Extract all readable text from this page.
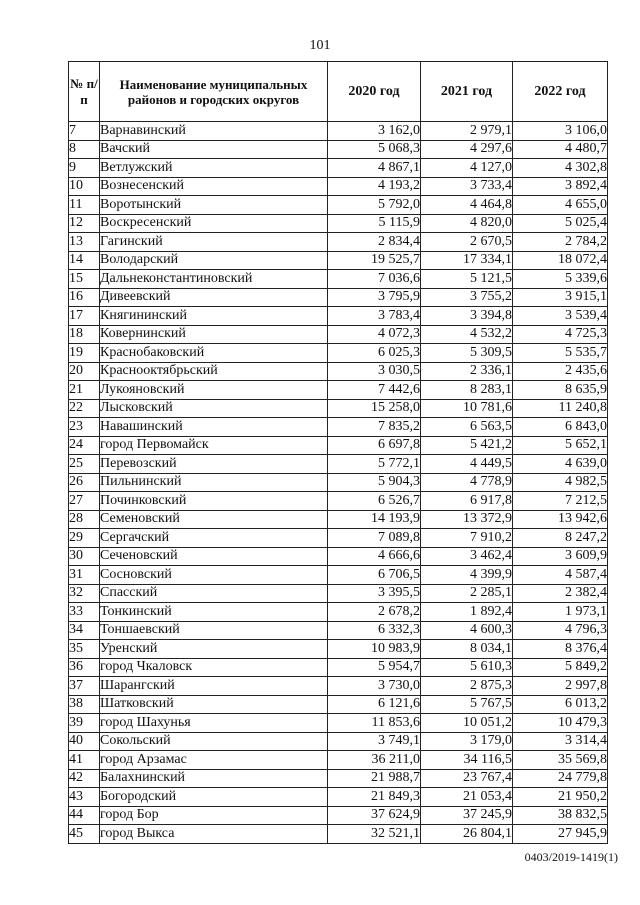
101
№ п/п	Наименование муниципальных районов и городских округов	2020 год	2021 год	2022 год
7	Варнавинский	3 162,0	2 979,1	3 106,0
8	Вачский	5 068,3	4 297,6	4 480,7
9	Ветлужский	4 867,1	4 127,0	4 302,8
10	Вознесенский	4 193,2	3 733,4	3 892,4
11	Воротынский	5 792,0	4 464,8	4 655,0
12	Воскресенский	5 115,9	4 820,0	5 025,4
13	Гагинский	2 834,4	2 670,5	2 784,2
14	Володарский	19 525,7	17 334,1	18 072,4
15	Дальнеконстантиновский	7 036,6	5 121,5	5 339,6
16	Дивеевский	3 795,9	3 755,2	3 915,1
17	Княгининский	3 783,4	3 394,8	3 539,4
18	Ковернинский	4 072,3	4 532,2	4 725,3
19	Краснобаковский	6 025,3	5 309,5	5 535,7
20	Краснооктябрьский	3 030,5	2 336,1	2 435,6
21	Лукояновский	7 442,6	8 283,1	8 635,9
22	Лысковский	15 258,0	10 781,6	11 240,8
23	Навашинский	7 835,2	6 563,5	6 843,0
24	город Первомайск	6 697,8	5 421,2	5 652,1
25	Перевозский	5 772,1	4 449,5	4 639,0
26	Пильнинский	5 904,3	4 778,9	4 982,5
27	Починковский	6 526,7	6 917,8	7 212,5
28	Семеновский	14 193,9	13 372,9	13 942,6
29	Сергачский	7 089,8	7 910,2	8 247,2
30	Сеченовский	4 666,6	3 462,4	3 609,9
31	Сосновский	6 706,5	4 399,9	4 587,4
32	Спасский	3 395,5	2 285,1	2 382,4
33	Тонкинский	2 678,2	1 892,4	1 973,1
34	Тоншаевский	6 332,3	4 600,3	4 796,3
35	Уренский	10 983,9	8 034,1	8 376,4
36	город Чкаловск	5 954,7	5 610,3	5 849,2
37	Шарангский	3 730,0	2 875,3	2 997,8
38	Шатковский	6 121,6	5 767,5	6 013,2
39	город Шахунья	11 853,6	10 051,2	10 479,3
40	Сокольский	3 749,1	3 179,0	3 314,4
41	город Арзамас	36 211,0	34 116,5	35 569,8
42	Балахнинский	21 988,7	23 767,4	24 779,8
43	Богородский	21 849,3	21 053,4	21 950,2
44	город Бор	37 624,9	37 245,9	38 832,5
45	город Выкса	32 521,1	26 804,1	27 945,9
0403/2019-1419(1)
